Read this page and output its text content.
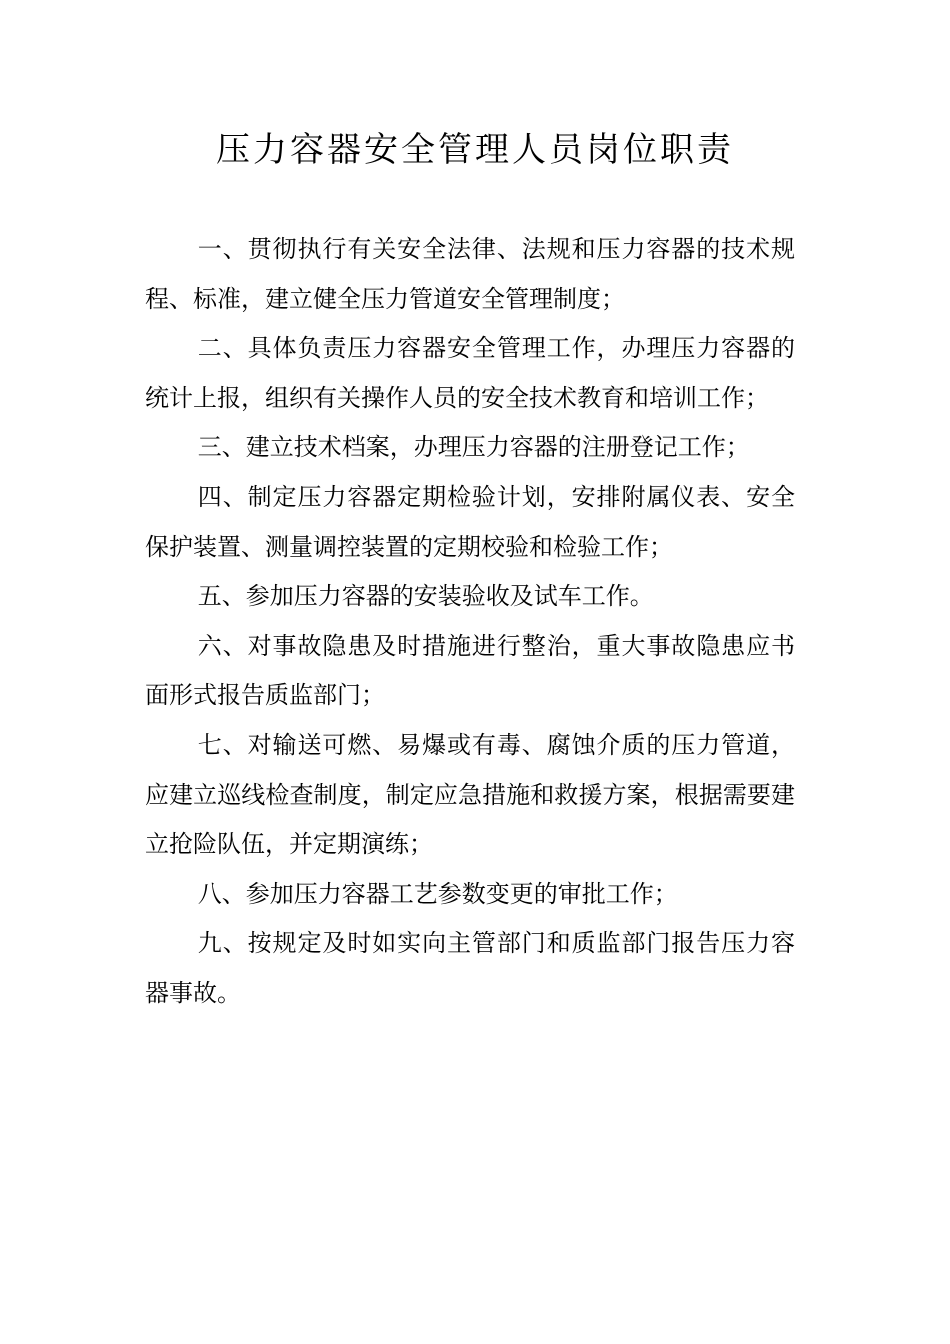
压力容器安全管理人员岗位职责

一、贯彻执行有关安全法律、法规和压力容器的技术规程、标准，建立健全压力管道安全管理制度；

二、具体负责压力容器安全管理工作，办理压力容器的统计上报，组织有关操作人员的安全技术教育和培训工作；

三、建立技术档案，办理压力容器的注册登记工作；

四、制定压力容器定期检验计划，安排附属仪表、安全保护装置、测量调控装置的定期校验和检验工作；

五、参加压力容器的安装验收及试车工作。

六、对事故隐患及时措施进行整治，重大事故隐患应书面形式报告质监部门；

七、对输送可燃、易爆或有毒、腐蚀介质的压力管道，应建立巡线检查制度，制定应急措施和救援方案，根据需要建立抢险队伍，并定期演练；

八、参加压力容器工艺参数变更的审批工作；

九、按规定及时如实向主管部门和质监部门报告压力容器事故。
